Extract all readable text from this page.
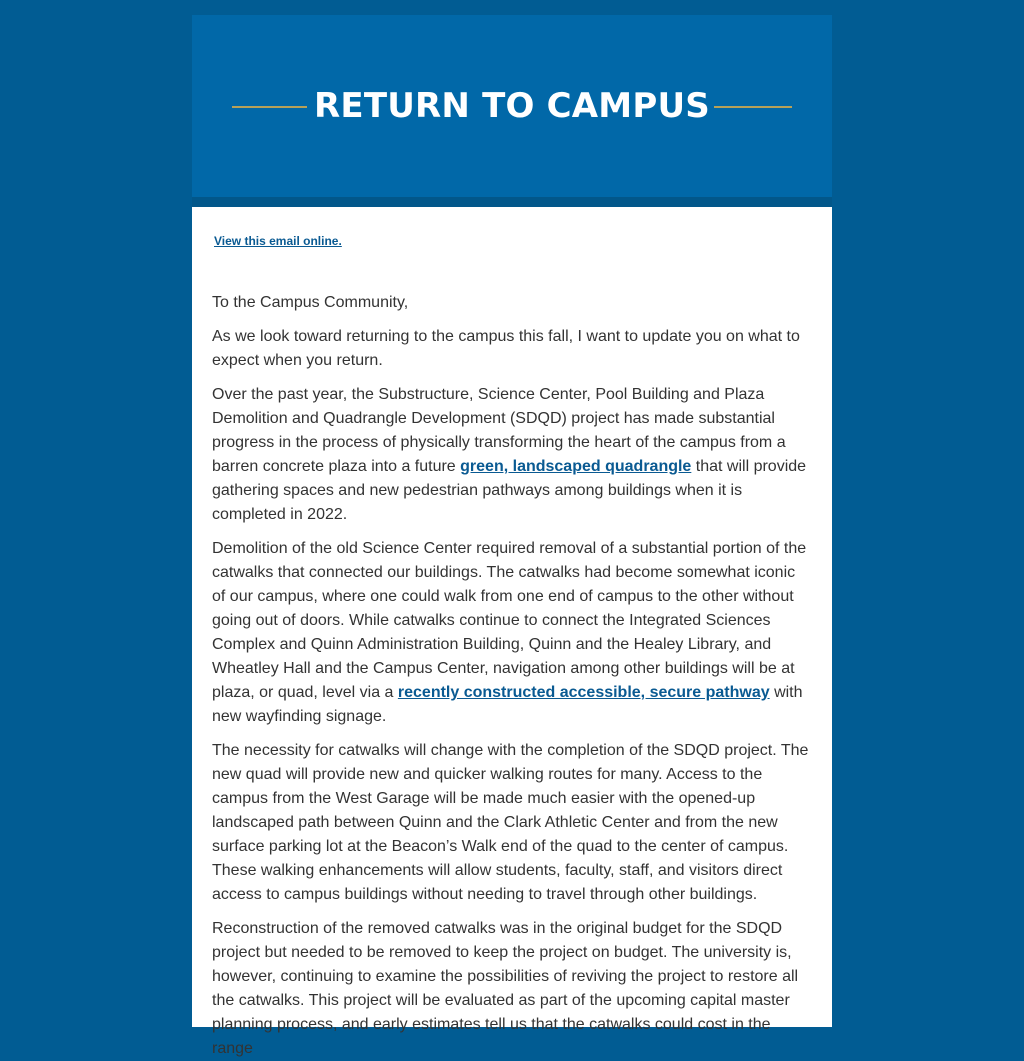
RETURN TO CAMPUS
View this email online.

To the Campus Community,

As we look toward returning to the campus this fall, I want to update you on what to expect when you return.

Over the past year, the Substructure, Science Center, Pool Building and Plaza Demolition and Quadrangle Development (SDQD) project has made substantial progress in the process of physically transforming the heart of the campus from a barren concrete plaza into a future green, landscaped quadrangle that will provide gathering spaces and new pedestrian pathways among buildings when it is completed in 2022.

Demolition of the old Science Center required removal of a substantial portion of the catwalks that connected our buildings. The catwalks had become somewhat iconic of our campus, where one could walk from one end of campus to the other without going out of doors. While catwalks continue to connect the Integrated Sciences Complex and Quinn Administration Building, Quinn and the Healey Library, and Wheatley Hall and the Campus Center, navigation among other buildings will be at plaza, or quad, level via a recently constructed accessible, secure pathway with new wayfinding signage.

The necessity for catwalks will change with the completion of the SDQD project. The new quad will provide new and quicker walking routes for many. Access to the campus from the West Garage will be made much easier with the opened-up landscaped path between Quinn and the Clark Athletic Center and from the new surface parking lot at the Beacon’s Walk end of the quad to the center of campus. These walking enhancements will allow students, faculty, staff, and visitors direct access to campus buildings without needing to travel through other buildings.

Reconstruction of the removed catwalks was in the original budget for the SDQD project but needed to be removed to keep the project on budget. The university is, however, continuing to examine the possibilities of reviving the project to restore all the catwalks. This project will be evaluated as part of the upcoming capital master planning process, and early estimates tell us that the catwalks could cost in the range
